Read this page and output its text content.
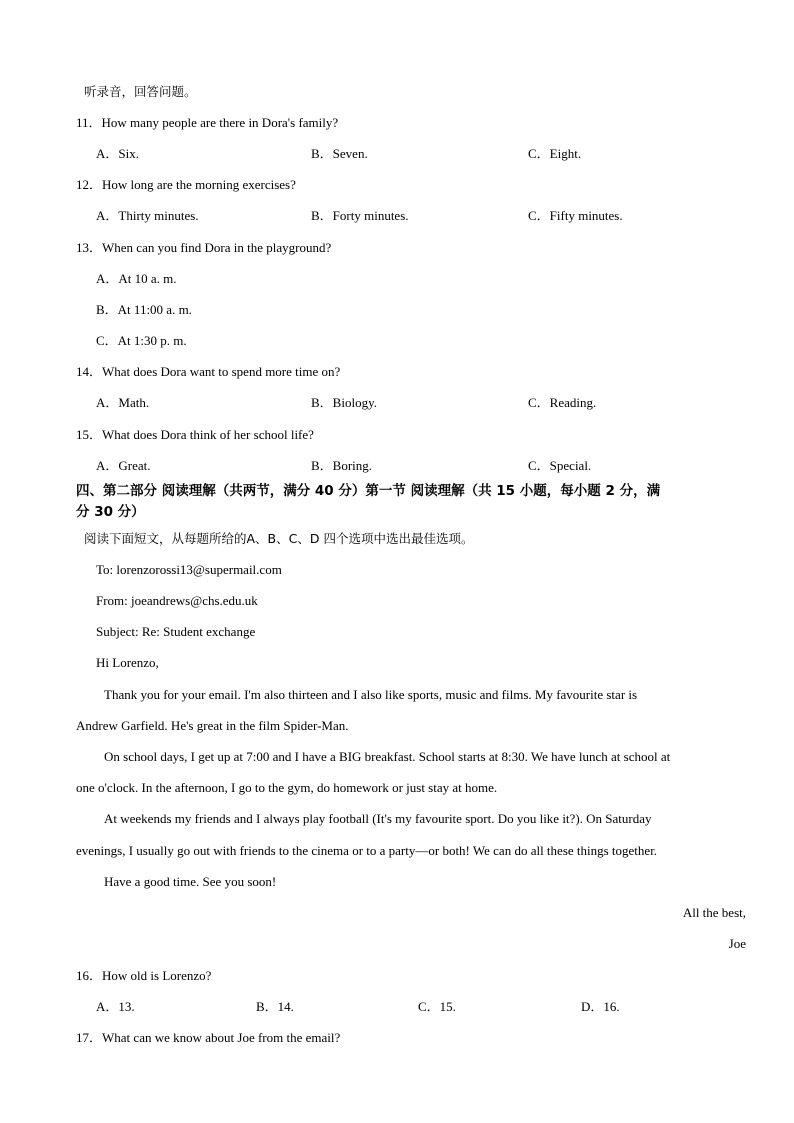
听录音，回答问题。
11．How many people are there in Dora's family?
A．Six.	B．Seven.	C．Eight.
12．How long are the morning exercises?
A．Thirty minutes.	B．Forty minutes.	C．Fifty minutes.
13．When can you find Dora in the playground?
A．At 10 a. m.
B．At 11:00 a. m.
C．At 1:30 p. m.
14．What does Dora want to spend more time on?
A．Math.	B．Biology.	C．Reading.
15．What does Dora think of her school life?
A．Great.	B．Boring.	C．Special.
四、第二部分 阅读理解（共两节，满分 40 分）第一节 阅读理解（共 15 小题，每小题 2 分，满
分 30 分）
阅读下面短文，从每题所给的A、B、C、D 四个选项中选出最佳选项。
To: lorenzorossi13@supermail.com
From: joeandrews@chs.edu.uk
Subject: Re: Student exchange
Hi Lorenzo,
Thank you for your email. I'm also thirteen and I also like sports, music and films. My favourite star is
Andrew Garfield. He's great in the film Spider-Man.
On school days, I get up at 7:00 and I have a BIG breakfast. School starts at 8:30. We have lunch at school at
one o'clock. In the afternoon, I go to the gym, do homework or just stay at home.
At weekends my friends and I always play football (It's my favourite sport. Do you like it?). On Saturday
evenings, I usually go out with friends to the cinema or to a party—or both! We can do all these things together.
Have a good time. See you soon!
All the best,
Joe
16．How old is Lorenzo?
A．13.	B．14.	C．15.	D．16.
17．What can we know about Joe from the email?
